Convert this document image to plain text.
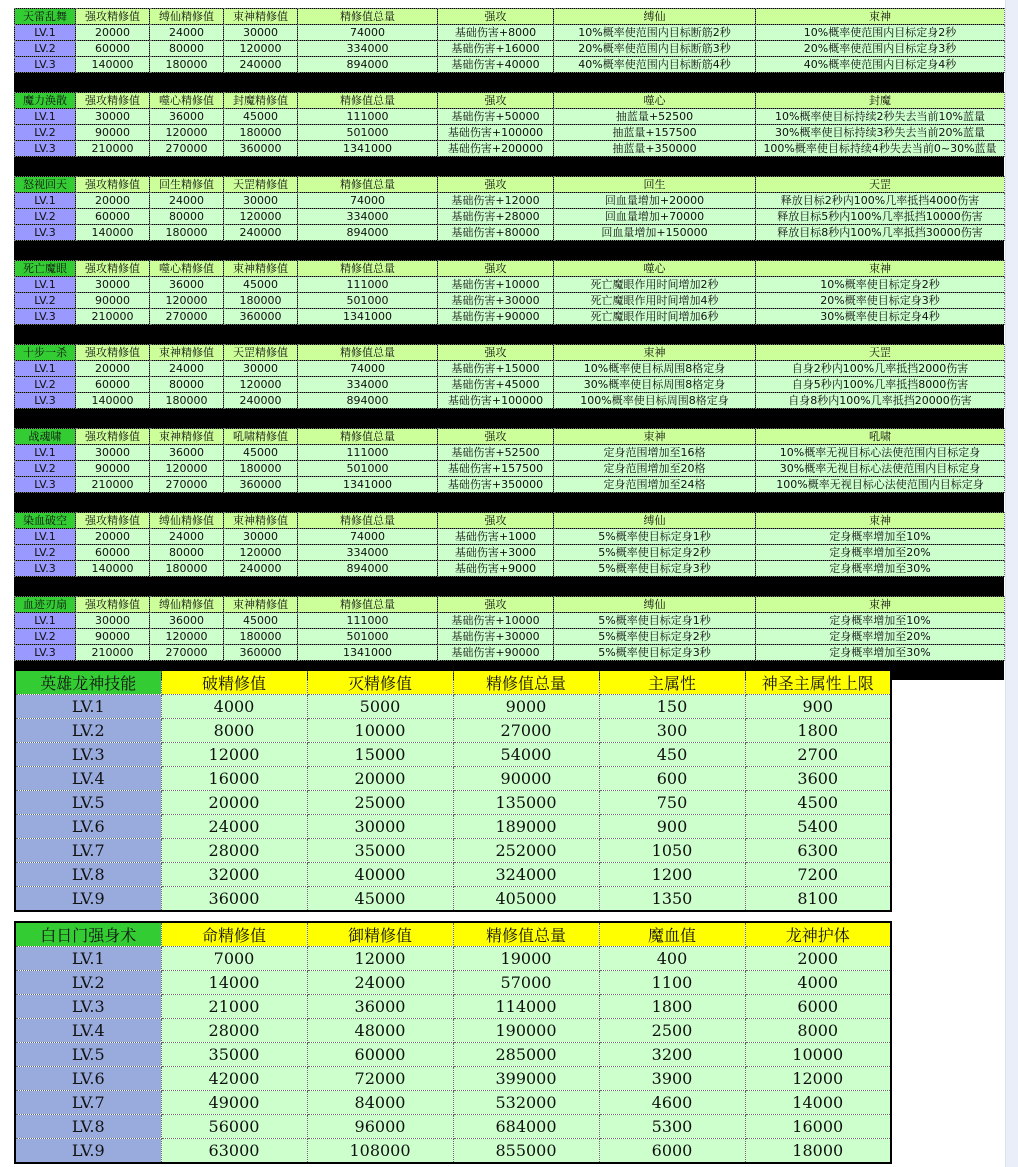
天雷乱舞	强攻精修值	缚仙精修值	束神精修值	精修值总量	强攻	缚仙	束神
LV.1	20000	24000	30000	74000	基础伤害+8000	10%概率使范围内目标断筋2秒	10%概率使范围内目标定身2秒
LV.2	60000	80000	120000	334000	基础伤害+16000	20%概率使范围内目标断筋3秒	20%概率使范围内目标定身3秒
LV.3	140000	180000	240000	894000	基础伤害+40000	40%概率使范围内目标断筋4秒	40%概率使范围内目标定身4秒
魔力涣散	强攻精修值	噬心精修值	封魔精修值	精修值总量	强攻	噬心	封魔
LV.1	30000	36000	45000	111000	基础伤害+50000	抽蓝量+52500	10%概率使目标持续2秒失去当前10%蓝量
LV.2	90000	120000	180000	501000	基础伤害+100000	抽蓝量+157500	30%概率使目标持续3秒失去当前20%蓝量
LV.3	210000	270000	360000	1341000	基础伤害+200000	抽蓝量+350000	100%概率使目标持续4秒失去当前0~30%蓝量
怒视回天	强攻精修值	回生精修值	天罡精修值	精修值总量	强攻	回生	天罡
LV.1	20000	24000	30000	74000	基础伤害+12000	回血量增加+20000	释放目标2秒内100%几率抵挡4000伤害
LV.2	60000	80000	120000	334000	基础伤害+28000	回血量增加+70000	释放目标5秒内100%几率抵挡10000伤害
LV.3	140000	180000	240000	894000	基础伤害+80000	回血量增加+150000	释放目标8秒内100%几率抵挡30000伤害
死亡魔眼	强攻精修值	噬心精修值	束神精修值	精修值总量	强攻	噬心	束神
LV.1	30000	36000	45000	111000	基础伤害+10000	死亡魔眼作用时间增加2秒	10%概率使目标定身2秒
LV.2	90000	120000	180000	501000	基础伤害+30000	死亡魔眼作用时间增加4秒	20%概率使目标定身3秒
LV.3	210000	270000	360000	1341000	基础伤害+90000	死亡魔眼作用时间增加6秒	30%概率使目标定身4秒
十步一杀	强攻精修值	束神精修值	天罡精修值	精修值总量	强攻	束神	天罡
LV.1	20000	24000	30000	74000	基础伤害+15000	10%概率使目标周围8格定身	自身2秒内100%几率抵挡2000伤害
LV.2	60000	80000	120000	334000	基础伤害+45000	30%概率使目标周围8格定身	自身5秒内100%几率抵挡8000伤害
LV.3	140000	180000	240000	894000	基础伤害+100000	100%概率使目标周围8格定身	自身8秒内100%几率抵挡20000伤害
战魂啸	强攻精修值	束神精修值	吼啸精修值	精修值总量	强攻	束神	吼啸
LV.1	30000	36000	45000	111000	基础伤害+52500	定身范围增加至16格	10%概率无视目标心法使范围内目标定身
LV.2	90000	120000	180000	501000	基础伤害+157500	定身范围增加至20格	30%概率无视目标心法使范围内目标定身
LV.3	210000	270000	360000	1341000	基础伤害+350000	定身范围增加至24格	100%概率无视目标心法使范围内目标定身
染血破空	强攻精修值	缚仙精修值	束神精修值	精修值总量	强攻	缚仙	束神
LV.1	20000	24000	30000	74000	基础伤害+1000	5%概率使目标定身1秒	定身概率增加至10%
LV.2	60000	80000	120000	334000	基础伤害+3000	5%概率使目标定身2秒	定身概率增加至20%
LV.3	140000	180000	240000	894000	基础伤害+9000	5%概率使目标定身3秒	定身概率增加至30%
血迹刃扇	强攻精修值	缚仙精修值	束神精修值	精修值总量	强攻	缚仙	束神
LV.1	30000	36000	45000	111000	基础伤害+10000	5%概率使目标定身1秒	定身概率增加至10%
LV.2	90000	120000	180000	501000	基础伤害+30000	5%概率使目标定身2秒	定身概率增加至20%
LV.3	210000	270000	360000	1341000	基础伤害+90000	5%概率使目标定身3秒	定身概率增加至30%
英雄龙神技能	破精修值	灭精修值	精修值总量	主属性	神圣主属性上限
LV.1	4000	5000	9000	150	900
LV.2	8000	10000	27000	300	1800
LV.3	12000	15000	54000	450	2700
LV.4	16000	20000	90000	600	3600
LV.5	20000	25000	135000	750	4500
LV.6	24000	30000	189000	900	5400
LV.7	28000	35000	252000	1050	6300
LV.8	32000	40000	324000	1200	7200
LV.9	36000	45000	405000	1350	8100
白日门强身术	命精修值	御精修值	精修值总量	魔血值	龙神护体
LV.1	7000	12000	19000	400	2000
LV.2	14000	24000	57000	1100	4000
LV.3	21000	36000	114000	1800	6000
LV.4	28000	48000	190000	2500	8000
LV.5	35000	60000	285000	3200	10000
LV.6	42000	72000	399000	3900	12000
LV.7	49000	84000	532000	4600	14000
LV.8	56000	96000	684000	5300	16000
LV.9	63000	108000	855000	6000	18000
